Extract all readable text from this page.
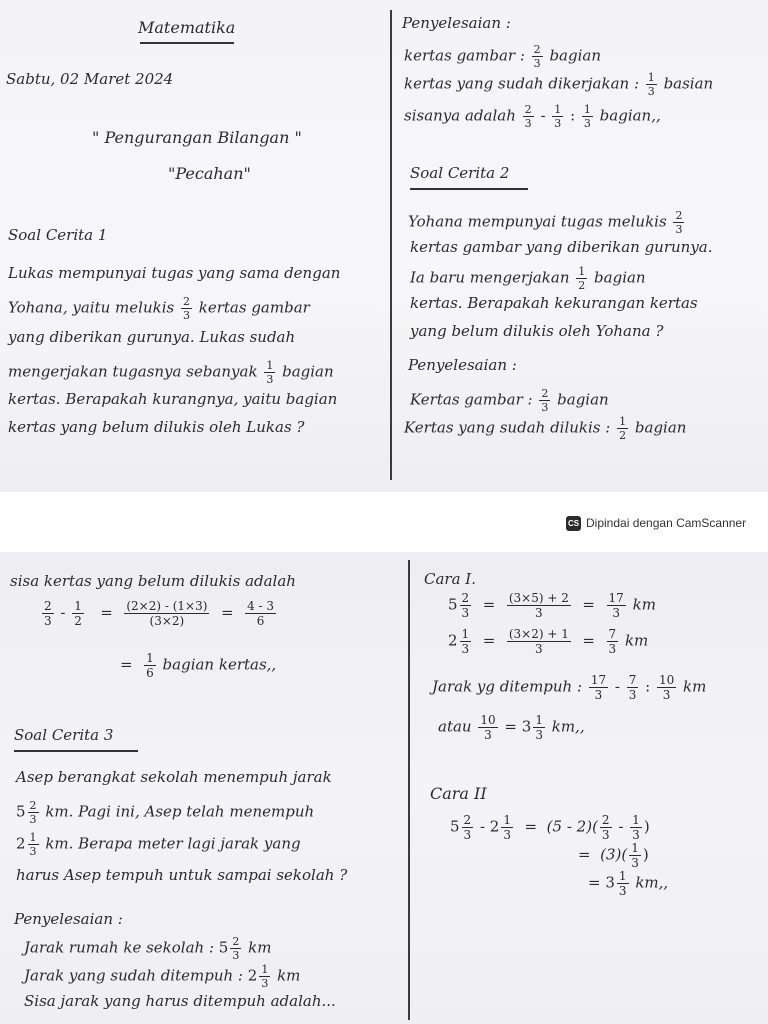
Matematika
Sabtu, 02 Maret 2024
" Pengurangan Bilangan "
"Pecahan"
Soal Cerita 1
Lukas mempunyai tugas yang sama dengan
Yohana, yaitu melukis $\frac{2}{3}$ kertas gambar
yang diberikan gurunya. Lukas sudah
mengerjakan tugasnya sebanyak $\frac{1}{3}$ bagian
kertas. Berapakah kurangnya, yaitu bagian
kertas yang belum dilukis oleh Lukas ?
Penyelesaian :
kertas gambar : $\frac{2}{3}$ bagian
kertas yang sudah dikerjakan : $\frac{1}{3}$ basian
sisanya adalah $\frac{2}{3} - \frac{1}{3}$ : $\frac{1}{3}$ bagian,,
Soal Cerita 2
Yohana mempunyai tugas melukis $\frac{2}{3}$
kertas gambar yang diberikan gurunya.
Ia baru mengerjakan $\frac{1}{2}$ bagian
kertas. Berapakah kekurangan kertas
yang belum dilukis oleh Yohana ?
Penyelesaian :
Kertas gambar : $\frac{2}{3}$ bagian
Kertas yang sudah dilukis : $\frac{1}{2}$ bagian
CS Dipindai dengan CamScanner
sisa kertas yang belum dilukis adalah
$\frac{2}{3} - \frac{1}{2} = \frac{(2\times 2) - (1\times 3)}{(3\times 2)} = \frac{4 - 3}{6}$
= $\frac{1}{6}$ bagian kertas,,
Soal Cerita 3
Asep berangkat sekolah menempuh jarak
$5 \frac{2}{3}$ km. Pagi ini, Asep telah menempuh
$2 \frac{1}{3}$ km. Berapa meter lagi jarak yang
harus Asep tempuh untuk sampai sekolah ?
Penyelesaian :
Jarak rumah ke sekolah : $5 \frac{2}{3}$ km
Jarak yang sudah ditempuh : $2 \frac{1}{3}$ km
Sisa jarak yang harus ditempuh adalah...
Cara I.
$5 \frac{2}{3} = \frac{(3\times 5) + 2}{3} = \frac{17}{3}$ km
$2 \frac{1}{3} = \frac{(3\times 2) + 1}{3} = \frac{7}{3}$ km
Jarak yg ditempuh : $\frac{17}{3} - \frac{7}{3}$ : $\frac{10}{3}$ km
atau $\frac{10}{3} = 3 \frac{1}{3}$ km,,
Cara II
$5 \frac{2}{3} - 2 \frac{1}{3} = (5 - 2)( \frac{2}{3} - \frac{1}{3}$ )
=  $(3)( \frac{1}{3}$ )
= $3 \frac{1}{3}$ km,,
